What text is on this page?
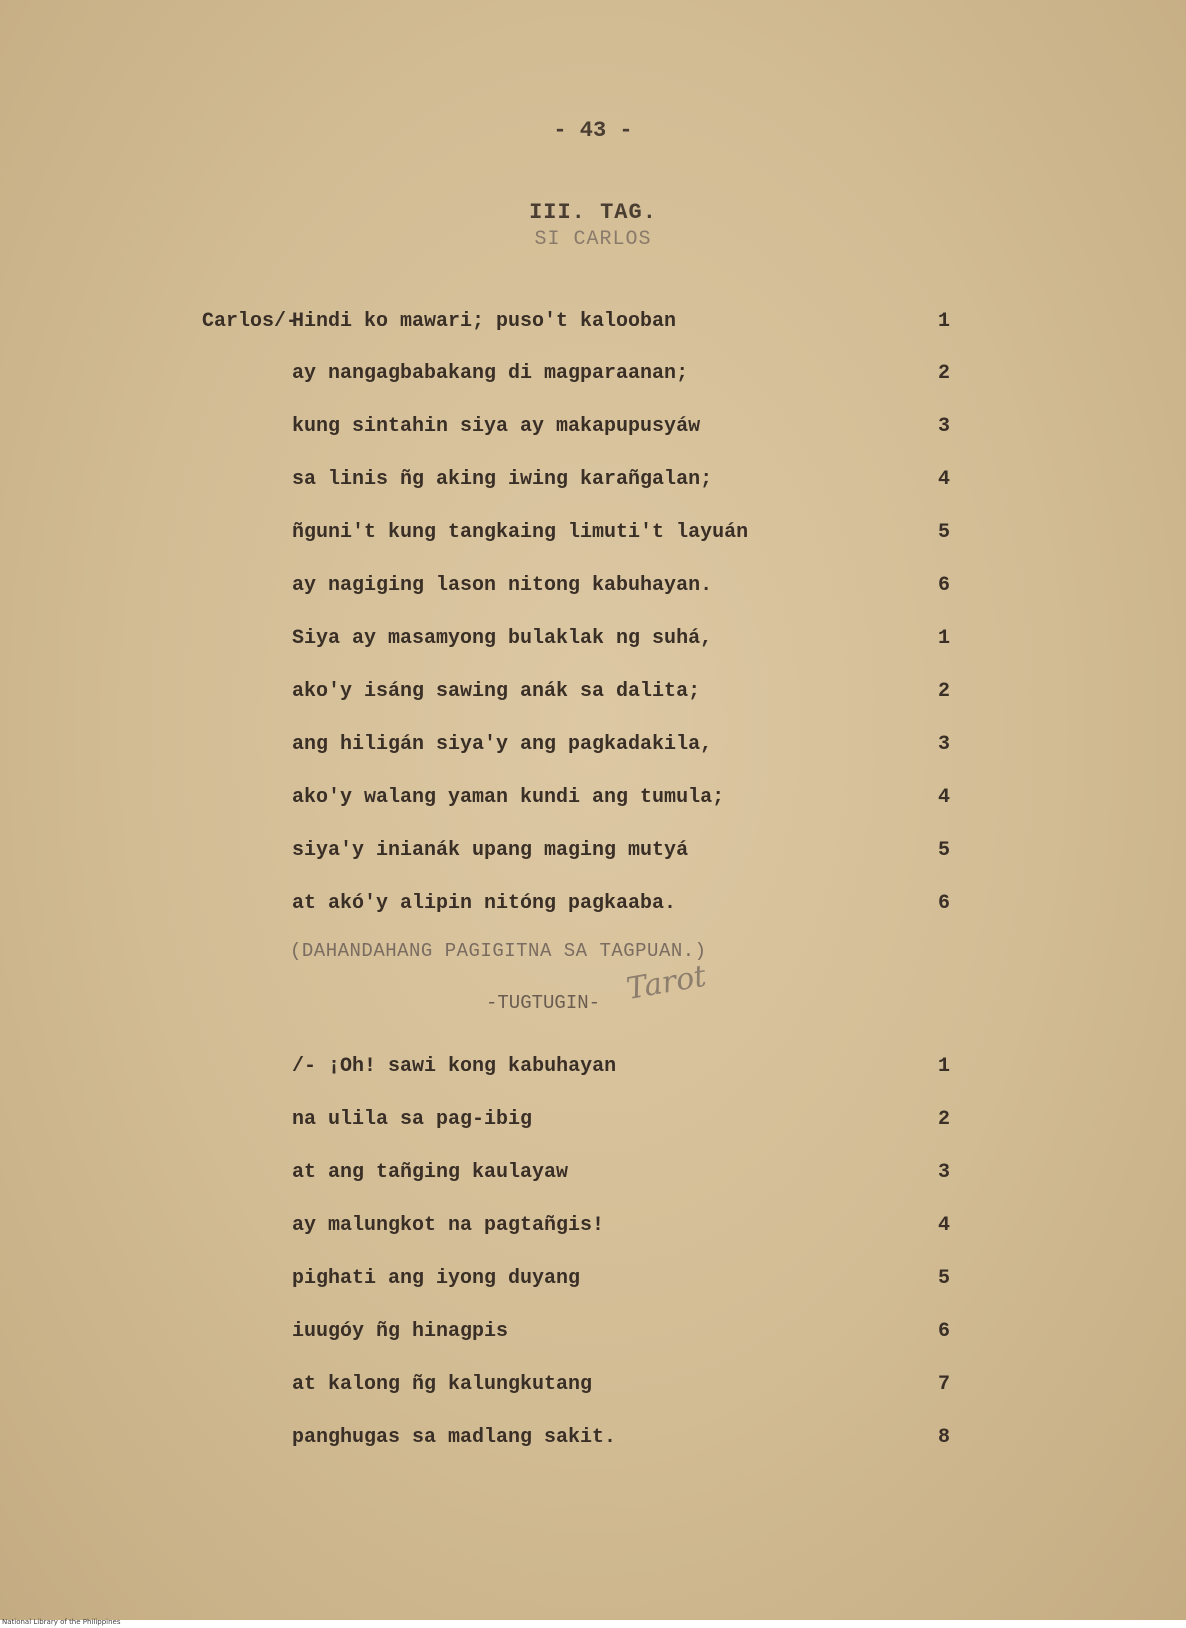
- 43 -
III. TAG.
SI CARLOS
Carlos/-
Hindi ko mawari; puso't kalooban	1
ay nangagbabakang di magparaanan;	2
kung sintahin siya ay makapupusyáw	3
sa linis ñg aking iwing karañgalan;	4
ñguni't kung tangkaing limuti't layuán	5
ay nagiging lason nitong kabuhayan.	6
Siya ay masamyong bulaklak ng suhá,	1
ako'y isáng sawing anák sa dalita;	2
ang hiligán siya'y ang pagkadakila,	3
ako'y walang yaman kundi ang tumula;	4
siya'y inianák upang maging mutyá	5
at akó'y alipin nitóng pagkaaba.	6
(DAHANDAHANG PAGIGITNA SA TAGPUAN.)
-TUGTUGIN- Tarot
/- ¡Oh! sawi kong kabuhayan	1
na ulila sa pag-ibig	2
at ang tañging kaulayaw	3
ay malungkot na pagtañgis!	4
pighati ang iyong duyang	5
iuugóy ñg hinagpis	6
at kalong ñg kalungkutang	7
panghugas sa madlang sakit.	8
National Library of the Philippines
